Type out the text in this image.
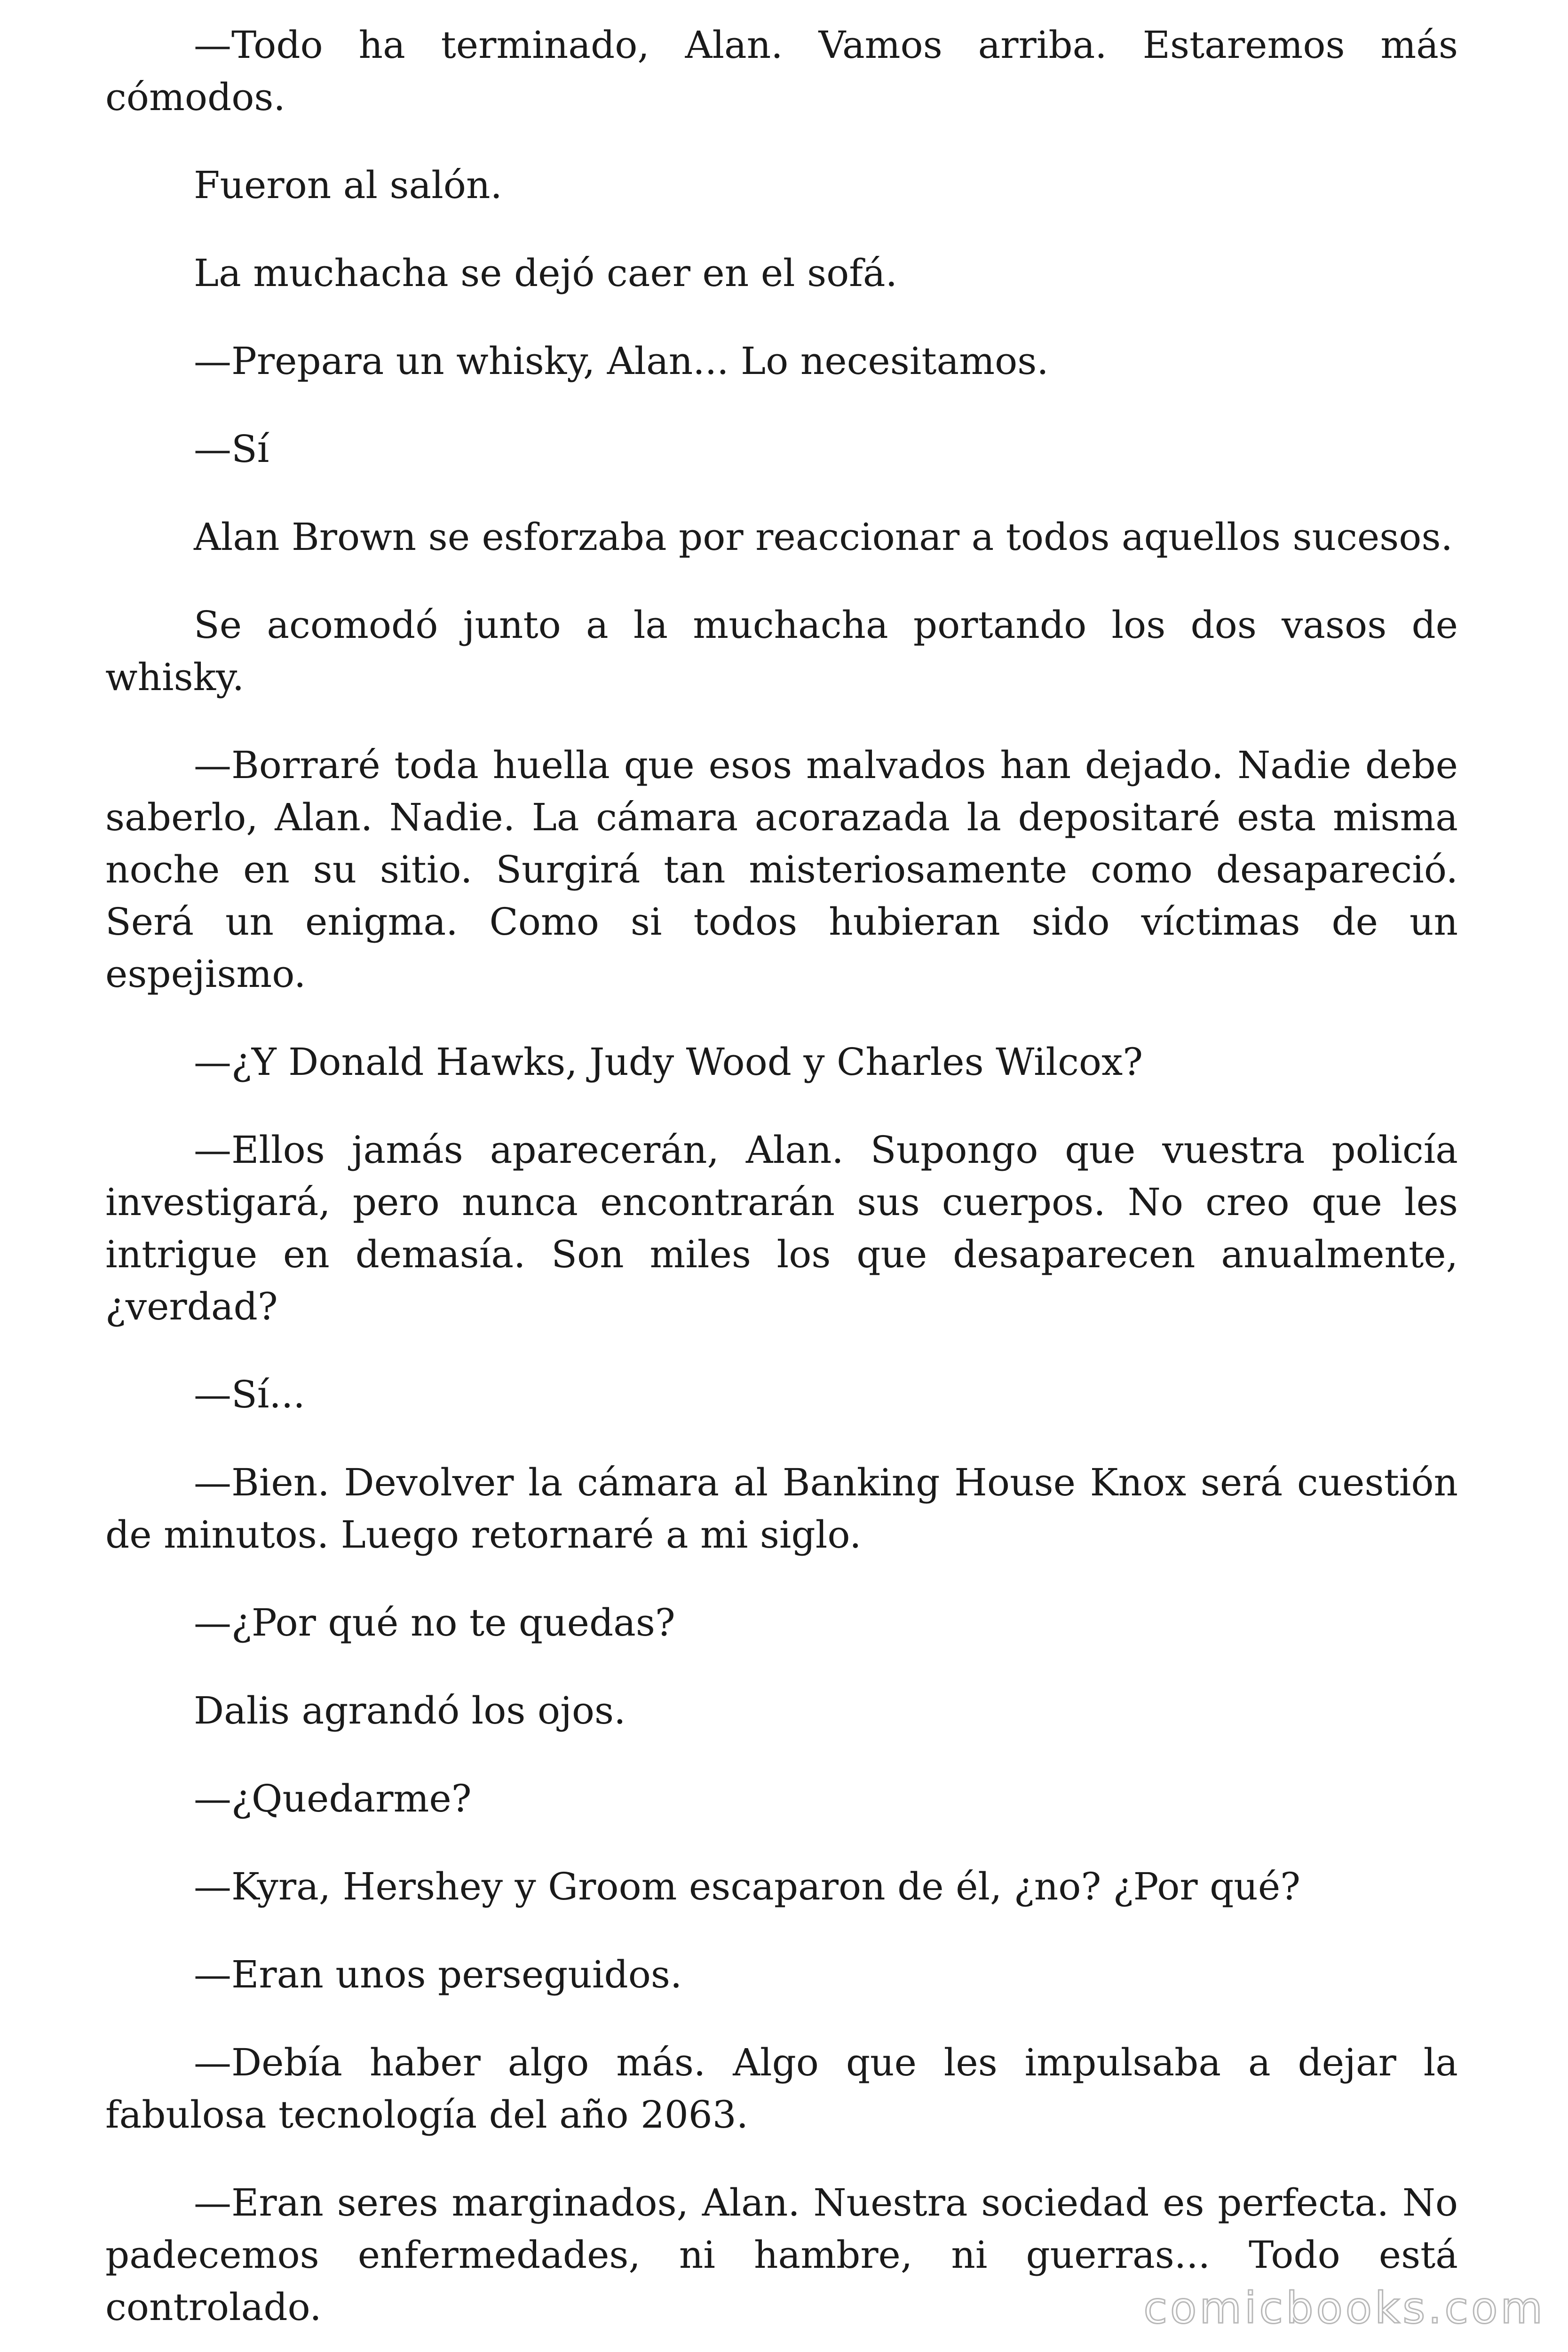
—Todo ha terminado, Alan. Vamos arriba. Estaremos más cómodos.

Fueron al salón.

La muchacha se dejó caer en el sofá.

—Prepara un whisky, Alan... Lo necesitamos.

—Sí

Alan Brown se esforzaba por reaccionar a todos aquellos sucesos.

Se acomodó junto a la muchacha portando los dos vasos de whisky.

—Borraré toda huella que esos malvados han dejado. Nadie debe saberlo, Alan. Nadie. La cámara acorazada la depositaré esta misma noche en su sitio. Surgirá tan misteriosamente como desapareció. Será un enigma. Como si todos hubieran sido víctimas de un espejismo.

—¿Y Donald Hawks, Judy Wood y Charles Wilcox?

—Ellos jamás aparecerán, Alan. Supongo que vuestra policía investigará, pero nunca encontrarán sus cuerpos. No creo que les intrigue en demasía. Son miles los que desaparecen anualmente, ¿verdad?

—Sí...

—Bien. Devolver la cámara al Banking House Knox será cuestión de minutos. Luego retornaré a mi siglo.

—¿Por qué no te quedas?

Dalis agrandó los ojos.

—¿Quedarme?

—Kyra, Hershey y Groom escaparon de él, ¿no? ¿Por qué?

—Eran unos perseguidos.

—Debía haber algo más. Algo que les impulsaba a dejar la fabulosa tecnología del año 2063.

—Eran seres marginados, Alan. Nuestra sociedad es perfecta. No padecemos enfermedades, ni hambre, ni guerras... Todo está controlado.	comicbooks.com
